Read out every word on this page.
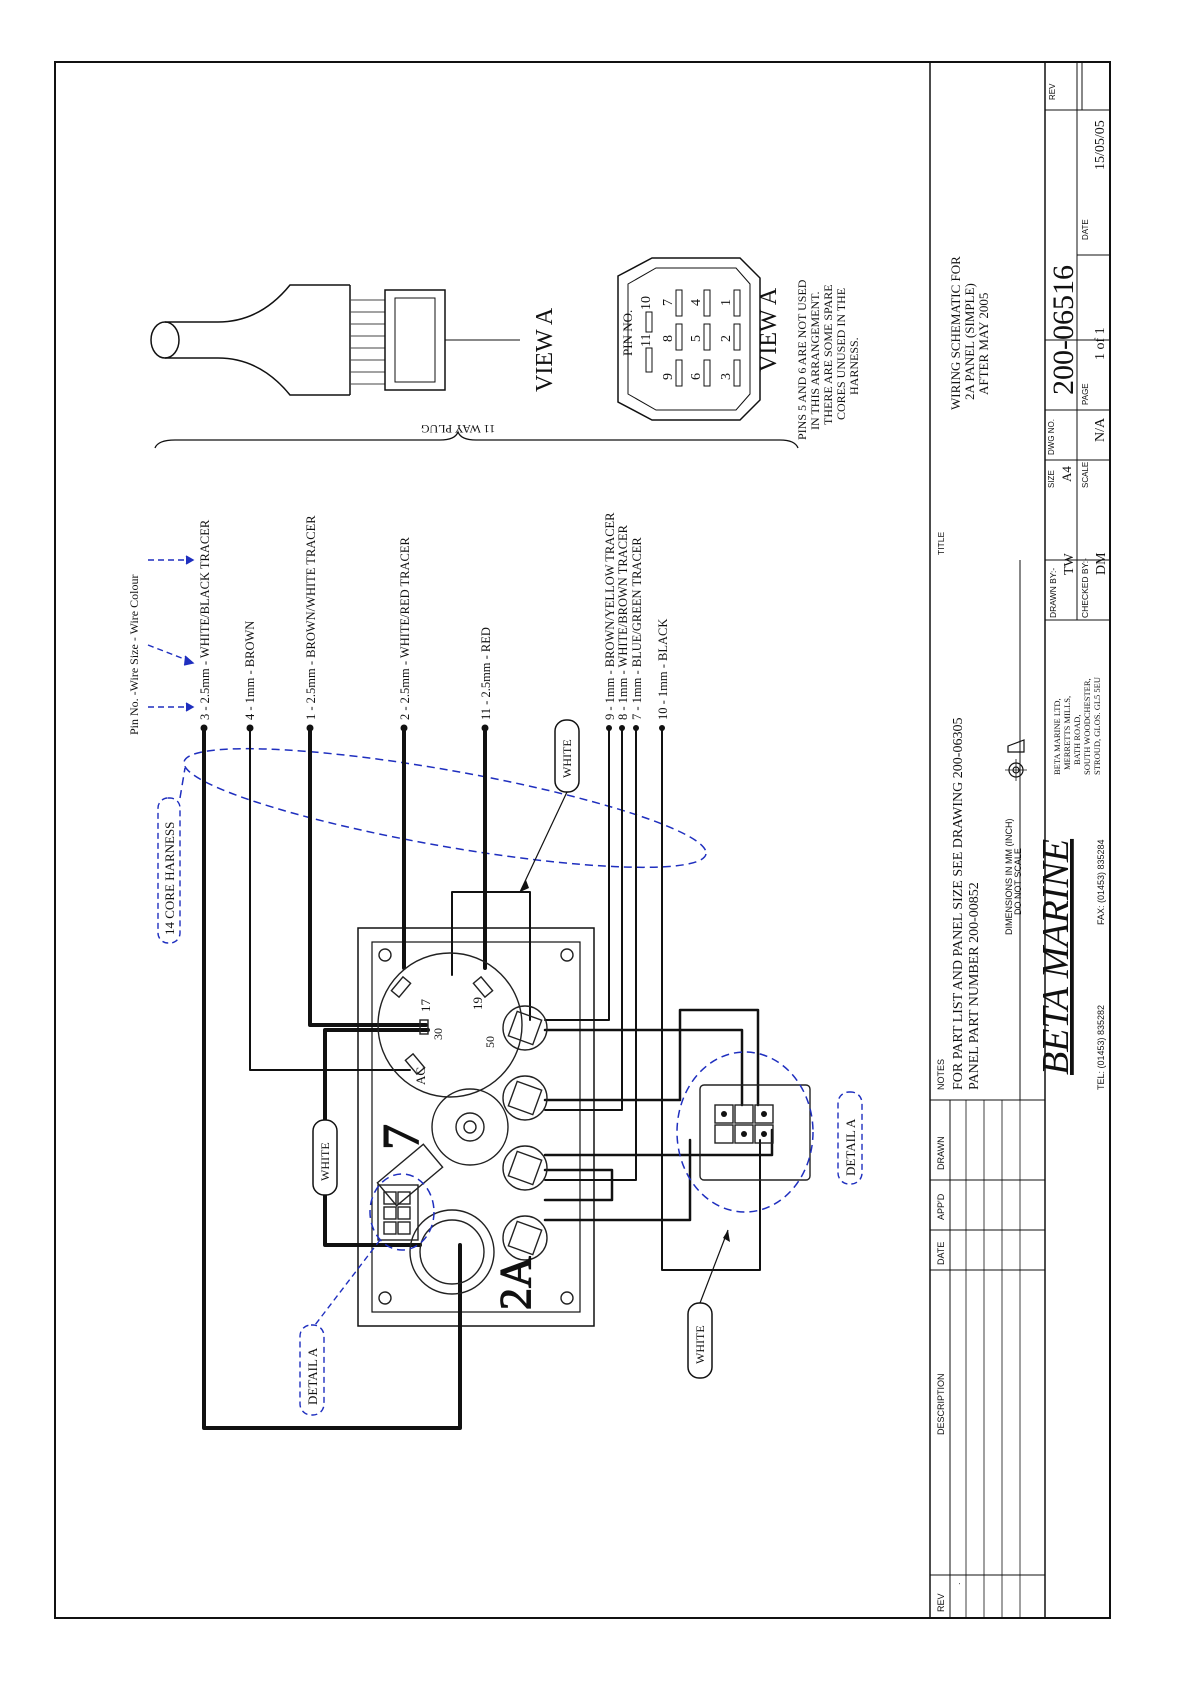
REV
.
DESCRIPTION
DATE
APP'D
DRAWN
NOTES FOR PART LIST AND PANEL SIZE SEE DRAWING 200-06305 PANEL PART NUMBER 200-00852
DIMENSIONS IN MM (INCH) DO NOT SCALE BETA MARINE TEL: (01453) 835282
FAX: (01453) 835284
BETA MARINE LTD, MERRETTS MILLS, BATH ROAD, SOUTH WOODCHESTER, STROUD, GLOS. GL5 5EU
DRAWN BY:-
TW CHECKED BY:- DM
TITLE
WIRING SCHEMATIC FOR 2A PANEL (SIMPLE) AFTER MAY 2005
SIZE A4
DWG NO.
200-06516
REV
SCALE
N/A
PAGE
1 of 1
DATE
15/05/05
VIEW A	VIEW A
PIN NO. 11
10
9
8
7
6
5
4
3
2
1	PINS 5 AND 6 ARE NOT USED IN THIS ARRANGEMENT. THERE ARE SOME SPARE CORES UNUSED IN THE HARNESS.
11 WAY PLUG
Pin No. -Wire Size - Wire Colour	3 - 2.5mm - WHITE/BLACK TRACER 4 - 1mm - BROWN	1 - 2.5mm - BROWN/WHITE TRACER	2 - 2.5mm - WHITE/RED TRACER	11 - 2.5mm - RED	9 - 1mm - BROWN/YELLOW TRACER 8 - 1mm - WHITE/BROWN TRACER 7 - 1mm - BLUE/GREEN TRACER 10 - 1mm - BLACK
14 CORE HARNESS
17
30
19
50
AC
7
2A
DETAIL A
DETAIL A
WHITE
WHITE
WHITE
